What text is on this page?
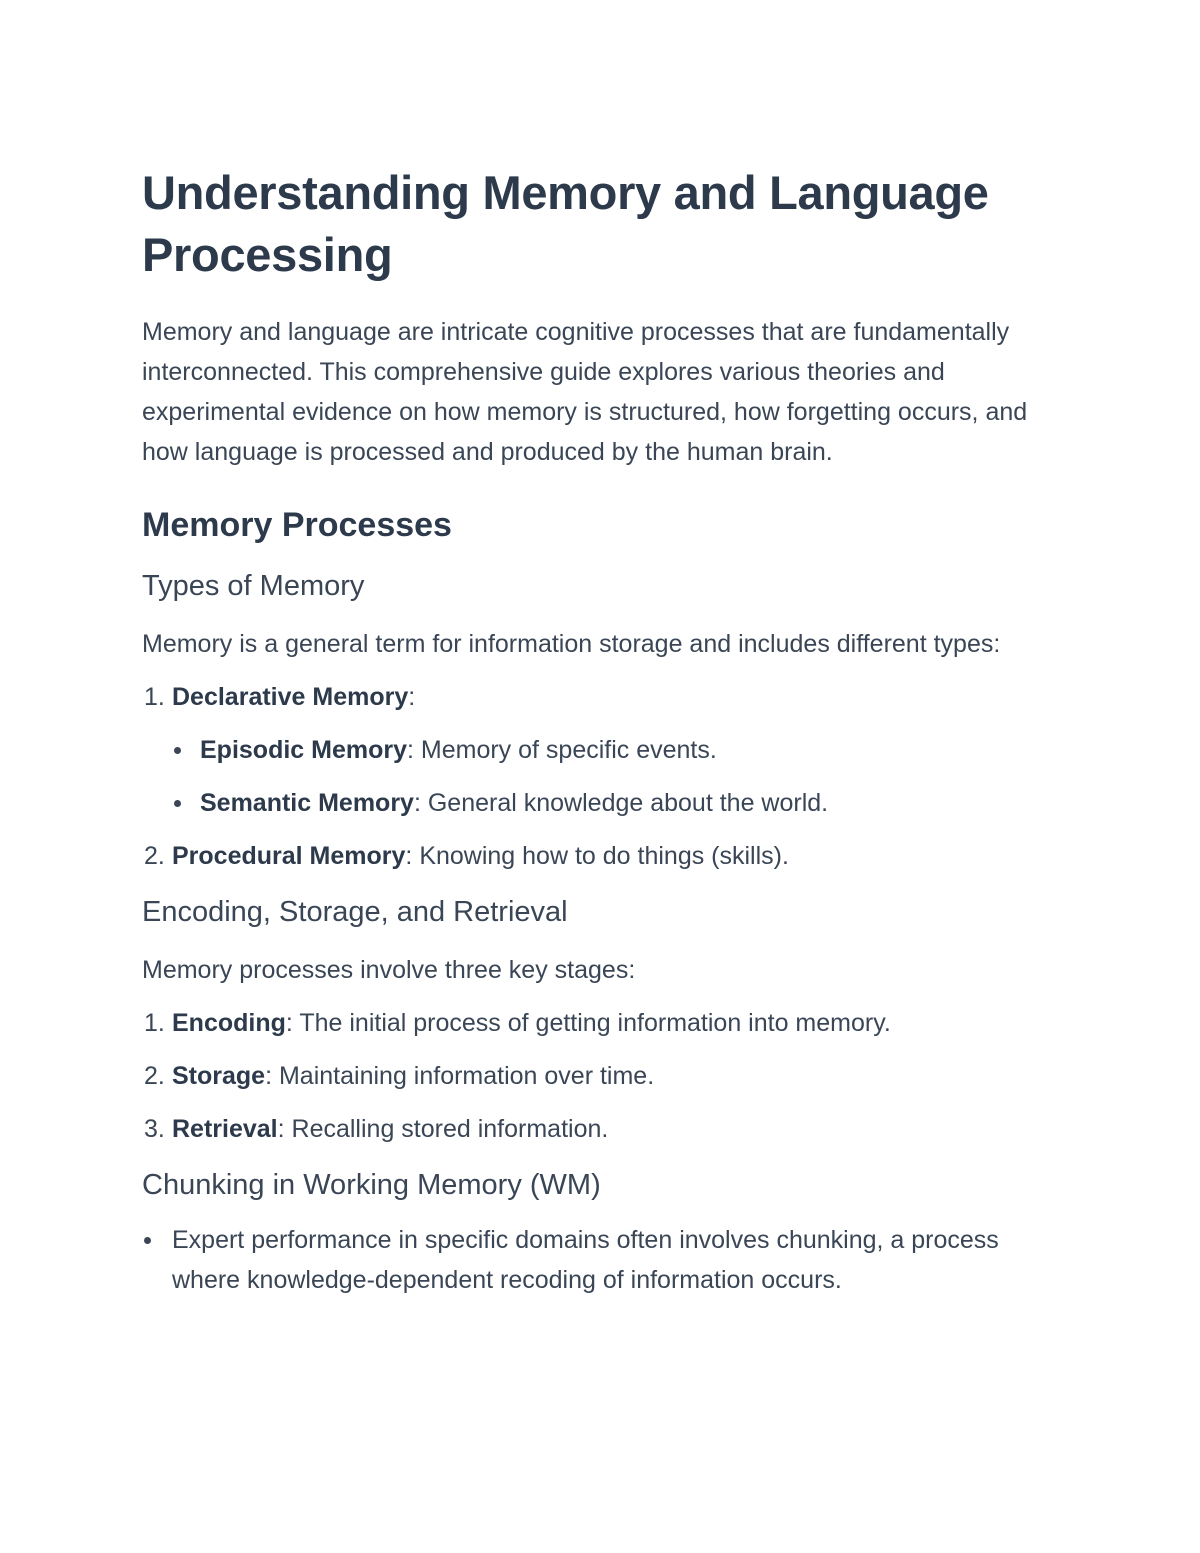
Understanding Memory and Language Processing

Memory and language are intricate cognitive processes that are fundamentally interconnected. This comprehensive guide explores various theories and experimental evidence on how memory is structured, how forgetting occurs, and how language is processed and produced by the human brain.

Memory Processes
Types of Memory

Memory is a general term for information storage and includes different types:

1. Declarative Memory:
Episodic Memory: Memory of specific events.
Semantic Memory: General knowledge about the world.
2. Procedural Memory: Knowing how to do things (skills).
Encoding, Storage, and Retrieval

Memory processes involve three key stages:

1. Encoding: The initial process of getting information into memory.
2. Storage: Maintaining information over time.
3. Retrieval: Recalling stored information.
Chunking in Working Memory (WM)
Expert performance in specific domains often involves chunking, a process where knowledge-dependent recoding of information occurs.
